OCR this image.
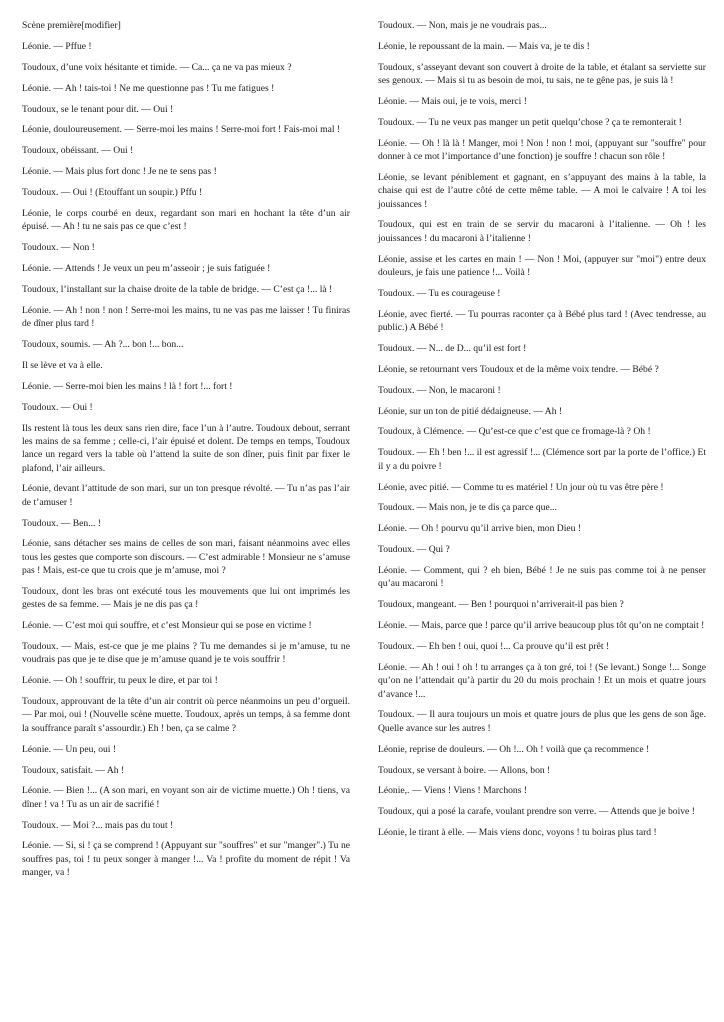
Scène première[modifier]

Léonie. — Pffue !

Toudoux, d’une voix hésitante et timide. — Ca... ça ne va pas mieux ?

Léonie. — Ah ! tais-toi ! Ne me questionne pas ! Tu me fatigues !

Toudoux, se le tenant pour dit. — Oui !

Léonie, douloureusement. — Serre-moi les mains ! Serre-moi fort ! Fais-moi mal !

Toudoux, obéissant. — Oui !

Léonie. — Mais plus fort donc ! Je ne te sens pas !

Toudoux. — Oui ! (Etouffant un soupir.) Pffu !

Léonie, le corps courbé en deux, regardant son mari en hochant la tête d’un air épuisé. — Ah ! tu ne sais pas ce que c’est !

Toudoux. — Non !

Léonie. — Attends ! Je veux un peu m’asseoir ; je suis fatiguée !

Toudoux, l’installant sur la chaise droite de la table de bridge. — C’est ça !... là !

Léonie. — Ah ! non ! non ! Serre-moi les mains, tu ne vas pas me laisser ! Tu finiras de dîner plus tard !

Toudoux, soumis. — Ah ?... bon !... bon...

Il se lève et va à elle.

Léonie. — Serre-moi bien les mains ! là ! fort !... fort !

Toudoux. — Oui !

Ils restent là tous les deux sans rien dire, face l’un à l’autre. Toudoux debout, serrant les mains de sa femme ; celle-ci, l’air épuisé et dolent. De temps en temps, Toudoux lance un regard vers la table où l’attend la suite de son dîner, puis finit par fixer le plafond, l’air ailleurs.

Léonie, devant l’attitude de son mari, sur un ton presque révolté. — Tu n’as pas l’air de t’amuser !

Toudoux. — Ben... !

Léonie, sans détacher ses mains de celles de son mari, faisant néanmoins avec elles tous les gestes que comporte son discours. — C’est admirable ! Monsieur ne s’amuse pas ! Mais, est-ce que tu crois que je m’amuse, moi ?

Toudoux, dont les bras ont exécuté tous les mouvements que lui ont imprimés les gestes de sa femme. — Mais je ne dis pas ça !

Léonie. — C’est moi qui souffre, et c’est Monsieur qui se pose en victime !

Toudoux. — Mais, est-ce que je me plains ? Tu me demandes si je m’amuse, tu ne voudrais pas que je te dise que je m’amuse quand je te vois souffrir !

Léonie. — Oh ! souffrir, tu peux le dire, et par toi !

Toudoux, approuvant de la tête d’un air contrit où perce néanmoins un peu d’orgueil. — Par moi, oui ! (Nouvelle scène muette. Toudoux, après un temps, à sa femme dont la souffrance paraît s’assourdir.) Eh ! ben, ça se calme ?

Léonie. — Un peu, oui !

Toudoux, satisfait. — Ah !

Léonie. — Bien !... (A son mari, en voyant son air de victime muette.) Oh ! tiens, va dîner ! va ! Tu as un air de sacrifié !

Toudoux. — Moi ?... mais pas du tout !

Léonie. — Si, si ! ça se comprend ! (Appuyant sur "souffres" et sur "manger".) Tu ne souffres pas, toi ! tu peux songer à manger !... Va ! profite du moment de répit ! Va manger, va !

Toudoux. — Non, mais je ne voudrais pas...

Léonie, le repoussant de la main. — Mais va, je te dis !

Toudoux, s’asseyant devant son couvert à droite de la table, et étalant sa serviette sur ses genoux. — Mais si tu as besoin de moi, tu sais, ne te gêne pas, je suis là !

Léonie. — Mais oui, je te vois, merci !

Toudoux. — Tu ne veux pas manger un petit quelqu’chose ? ça te remonterait !

Léonie. — Oh ! là là ! Manger, moi ! Non ! non ! moi, (appuyant sur "souffre" pour donner à ce mot l’importance d’une fonction) je souffre ! chacun son rôle !

Léonie, se levant péniblement et gagnant, en s’appuyant des mains à la table, la chaise qui est de l’autre côté de cette même table. — A moi le calvaire ! A toi les jouissances !

Toudoux, qui est en train de se servir du macaroni à l’italienne. — Oh ! les jouissances ! du macaroni à l’italienne !

Léonie, assise et les cartes en main ! — Non ! Moi, (appuyer sur "moi") entre deux douleurs, je fais une patience !... Voilà !

Toudoux. — Tu es courageuse !

Léonie, avec fierté. — Tu pourras raconter ça à Bébé plus tard ! (Avec tendresse, au public.) A Bébé !

Toudoux. — N... de D... qu’il est fort !

Léonie, se retournant vers Toudoux et de la même voix tendre. — Bébé ?

Toudoux. — Non, le macaroni !

Léonie, sur un ton de pitié dédaigneuse. — Ah !

Toudoux, à Clémence. — Qu’est-ce que c’est que ce fromage-là ? Oh !

Toudoux. — Eh ! ben !... il est agressif !... (Clémence sort par la porte de l’office.) Et il y a du poivre !

Léonie, avec pitié. — Comme tu es matériel ! Un jour où tu vas être père !

Toudoux. — Mais non, je te dis ça parce que...

Léonie. — Oh ! pourvu qu’il arrive bien, mon Dieu !

Toudoux. — Qui ?

Léonie. — Comment, qui ? eh bien, Bébé ! Je ne suis pas comme toi à ne penser qu’au macaroni !

Toudoux, mangeant. — Ben ! pourquoi n’arriverait-il pas bien ?

Léonie. — Mais, parce que ! parce qu’il arrive beaucoup plus tôt qu’on ne comptait !

Toudoux. — Eh ben ! oui, quoi !... Ca prouve qu’il est prêt !

Léonie. — Ah ! oui ! oh ! tu arranges ça à ton gré, toi ! (Se levant.) Songe !... Songe qu’on ne l’attendait qu’à partir du 20 du mois prochain ! Et un mois et quatre jours d’avance !...

Toudoux. — Il aura toujours un mois et quatre jours de plus que les gens de son âge. Quelle avance sur les autres !

Léonie, reprise de douleurs. — Oh !... Oh ! voilà que ça recommence !

Toudoux, se versant à boire. — Allons, bon !

Léonie,. — Viens ! Viens ! Marchons !

Toudoux, qui a posé la carafe, voulant prendre son verre. — Attends que je boive !

Léonie, le tirant à elle. — Mais viens donc, voyons ! tu boiras plus tard !
